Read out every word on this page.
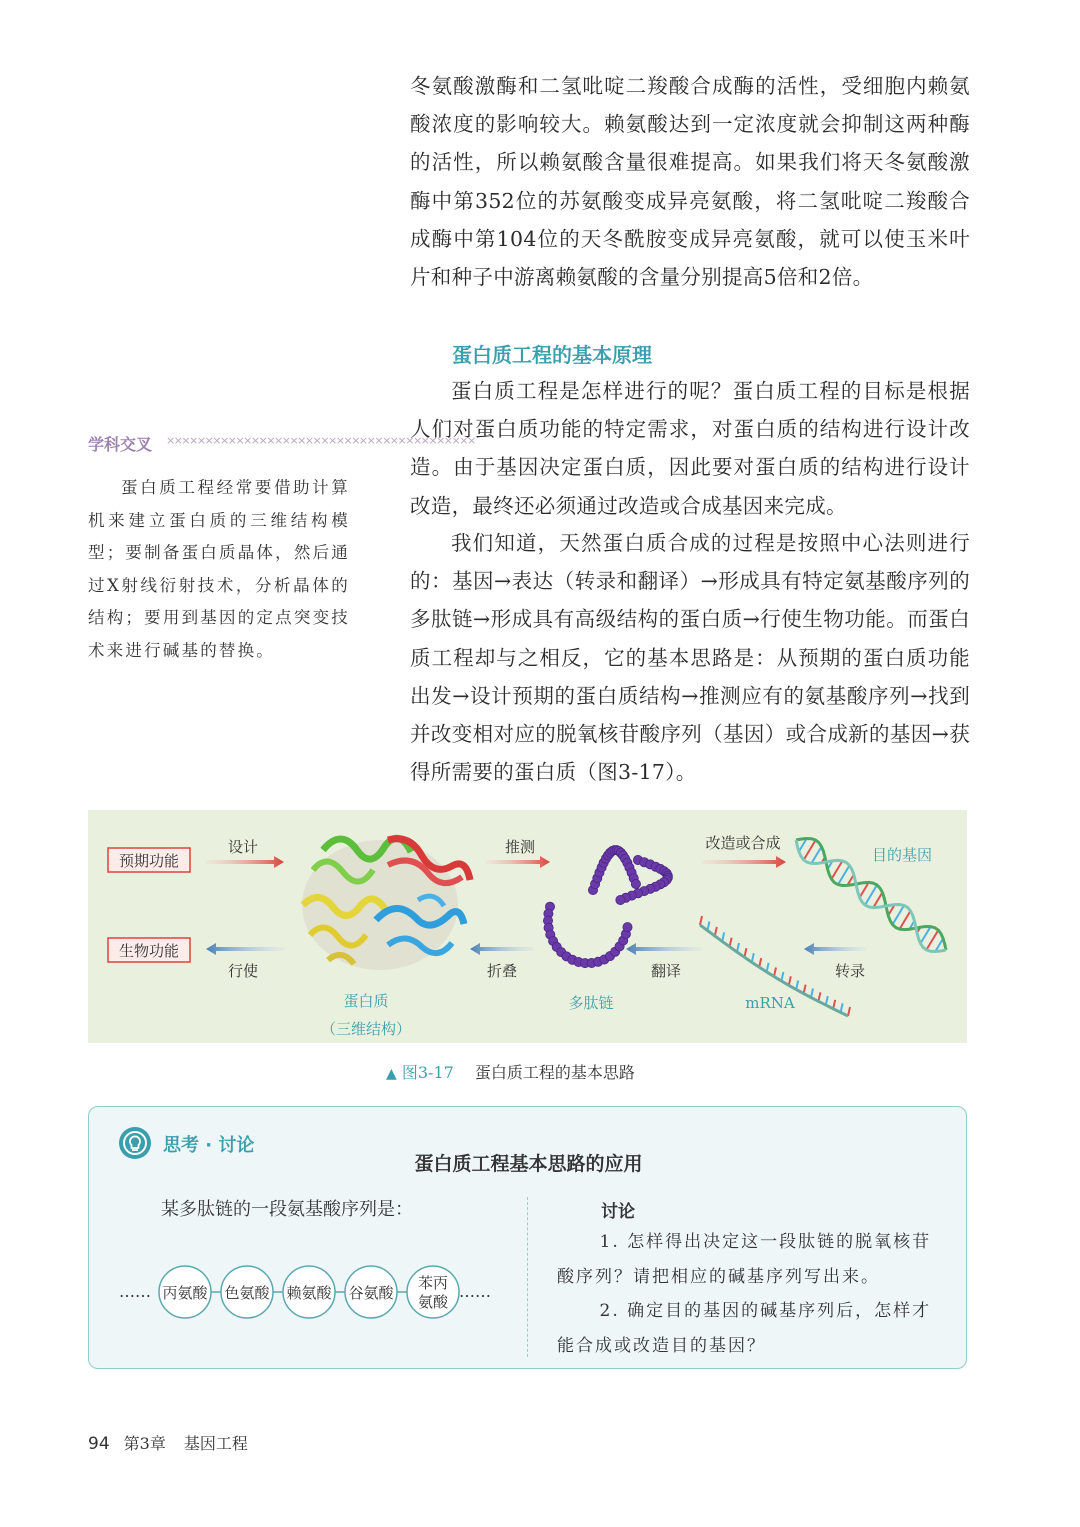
冬氨酸激酶和二氢吡啶二羧酸合成酶的活性，受细胞内赖氨酸浓度的影响较大。赖氨酸达到一定浓度就会抑制这两种酶的活性，所以赖氨酸含量很难提高。如果我们将天冬氨酸激酶中第352位的苏氨酸变成异亮氨酸，将二氢吡啶二羧酸合成酶中第104位的天冬酰胺变成异亮氨酸，就可以使玉米叶片和种子中游离赖氨酸的含量分别提高5倍和2倍。

蛋白质工程的基本原理

蛋白质工程是怎样进行的呢？蛋白质工程的目标是根据人们对蛋白质功能的特定需求，对蛋白质的结构进行设计改造。由于基因决定蛋白质，因此要对蛋白质的结构进行设计改造，最终还必须通过改造或合成基因来完成。

我们知道，天然蛋白质合成的过程是按照中心法则进行的：基因→表达（转录和翻译）→形成具有特定氨基酸序列的多肽链→形成具有高级结构的蛋白质→行使生物功能。而蛋白质工程却与之相反，它的基本思路是：从预期的蛋白质功能出发→设计预期的蛋白质结构→推测应有的氨基酸序列→找到并改变相对应的脱氧核苷酸序列（基因）或合成新的基因→获得所需要的蛋白质（图3-17）。

学科交叉 ××××××××××××××××××××××××××××××××××××××××

蛋白质工程经常要借助计算机来建立蛋白质的三维结构模型；要制备蛋白质晶体，然后通过X射线衍射技术，分析晶体的结构；要用到基因的定点突变技术来进行碱基的替换。

预期功能
生物功能
设计
行使
蛋白质
（三维结构）
推测
折叠
多肽链
改造或合成
翻译
目的基因
转录
mRNA
▲ 图3-17 蛋白质工程的基本思路
思考 · 讨论
蛋白质工程基本思路的应用
某多肽链的一段氨基酸序列是：
…… 丙氨酸 色氨酸 赖氨酸 谷氨酸
苯丙
氨酸
……
讨论

1. 怎样得出决定这一段肽链的脱氧核苷酸序列？请把相应的碱基序列写出来。

2. 确定目的基因的碱基序列后，怎样才能合成或改造目的基因？

94 第3章 基因工程
